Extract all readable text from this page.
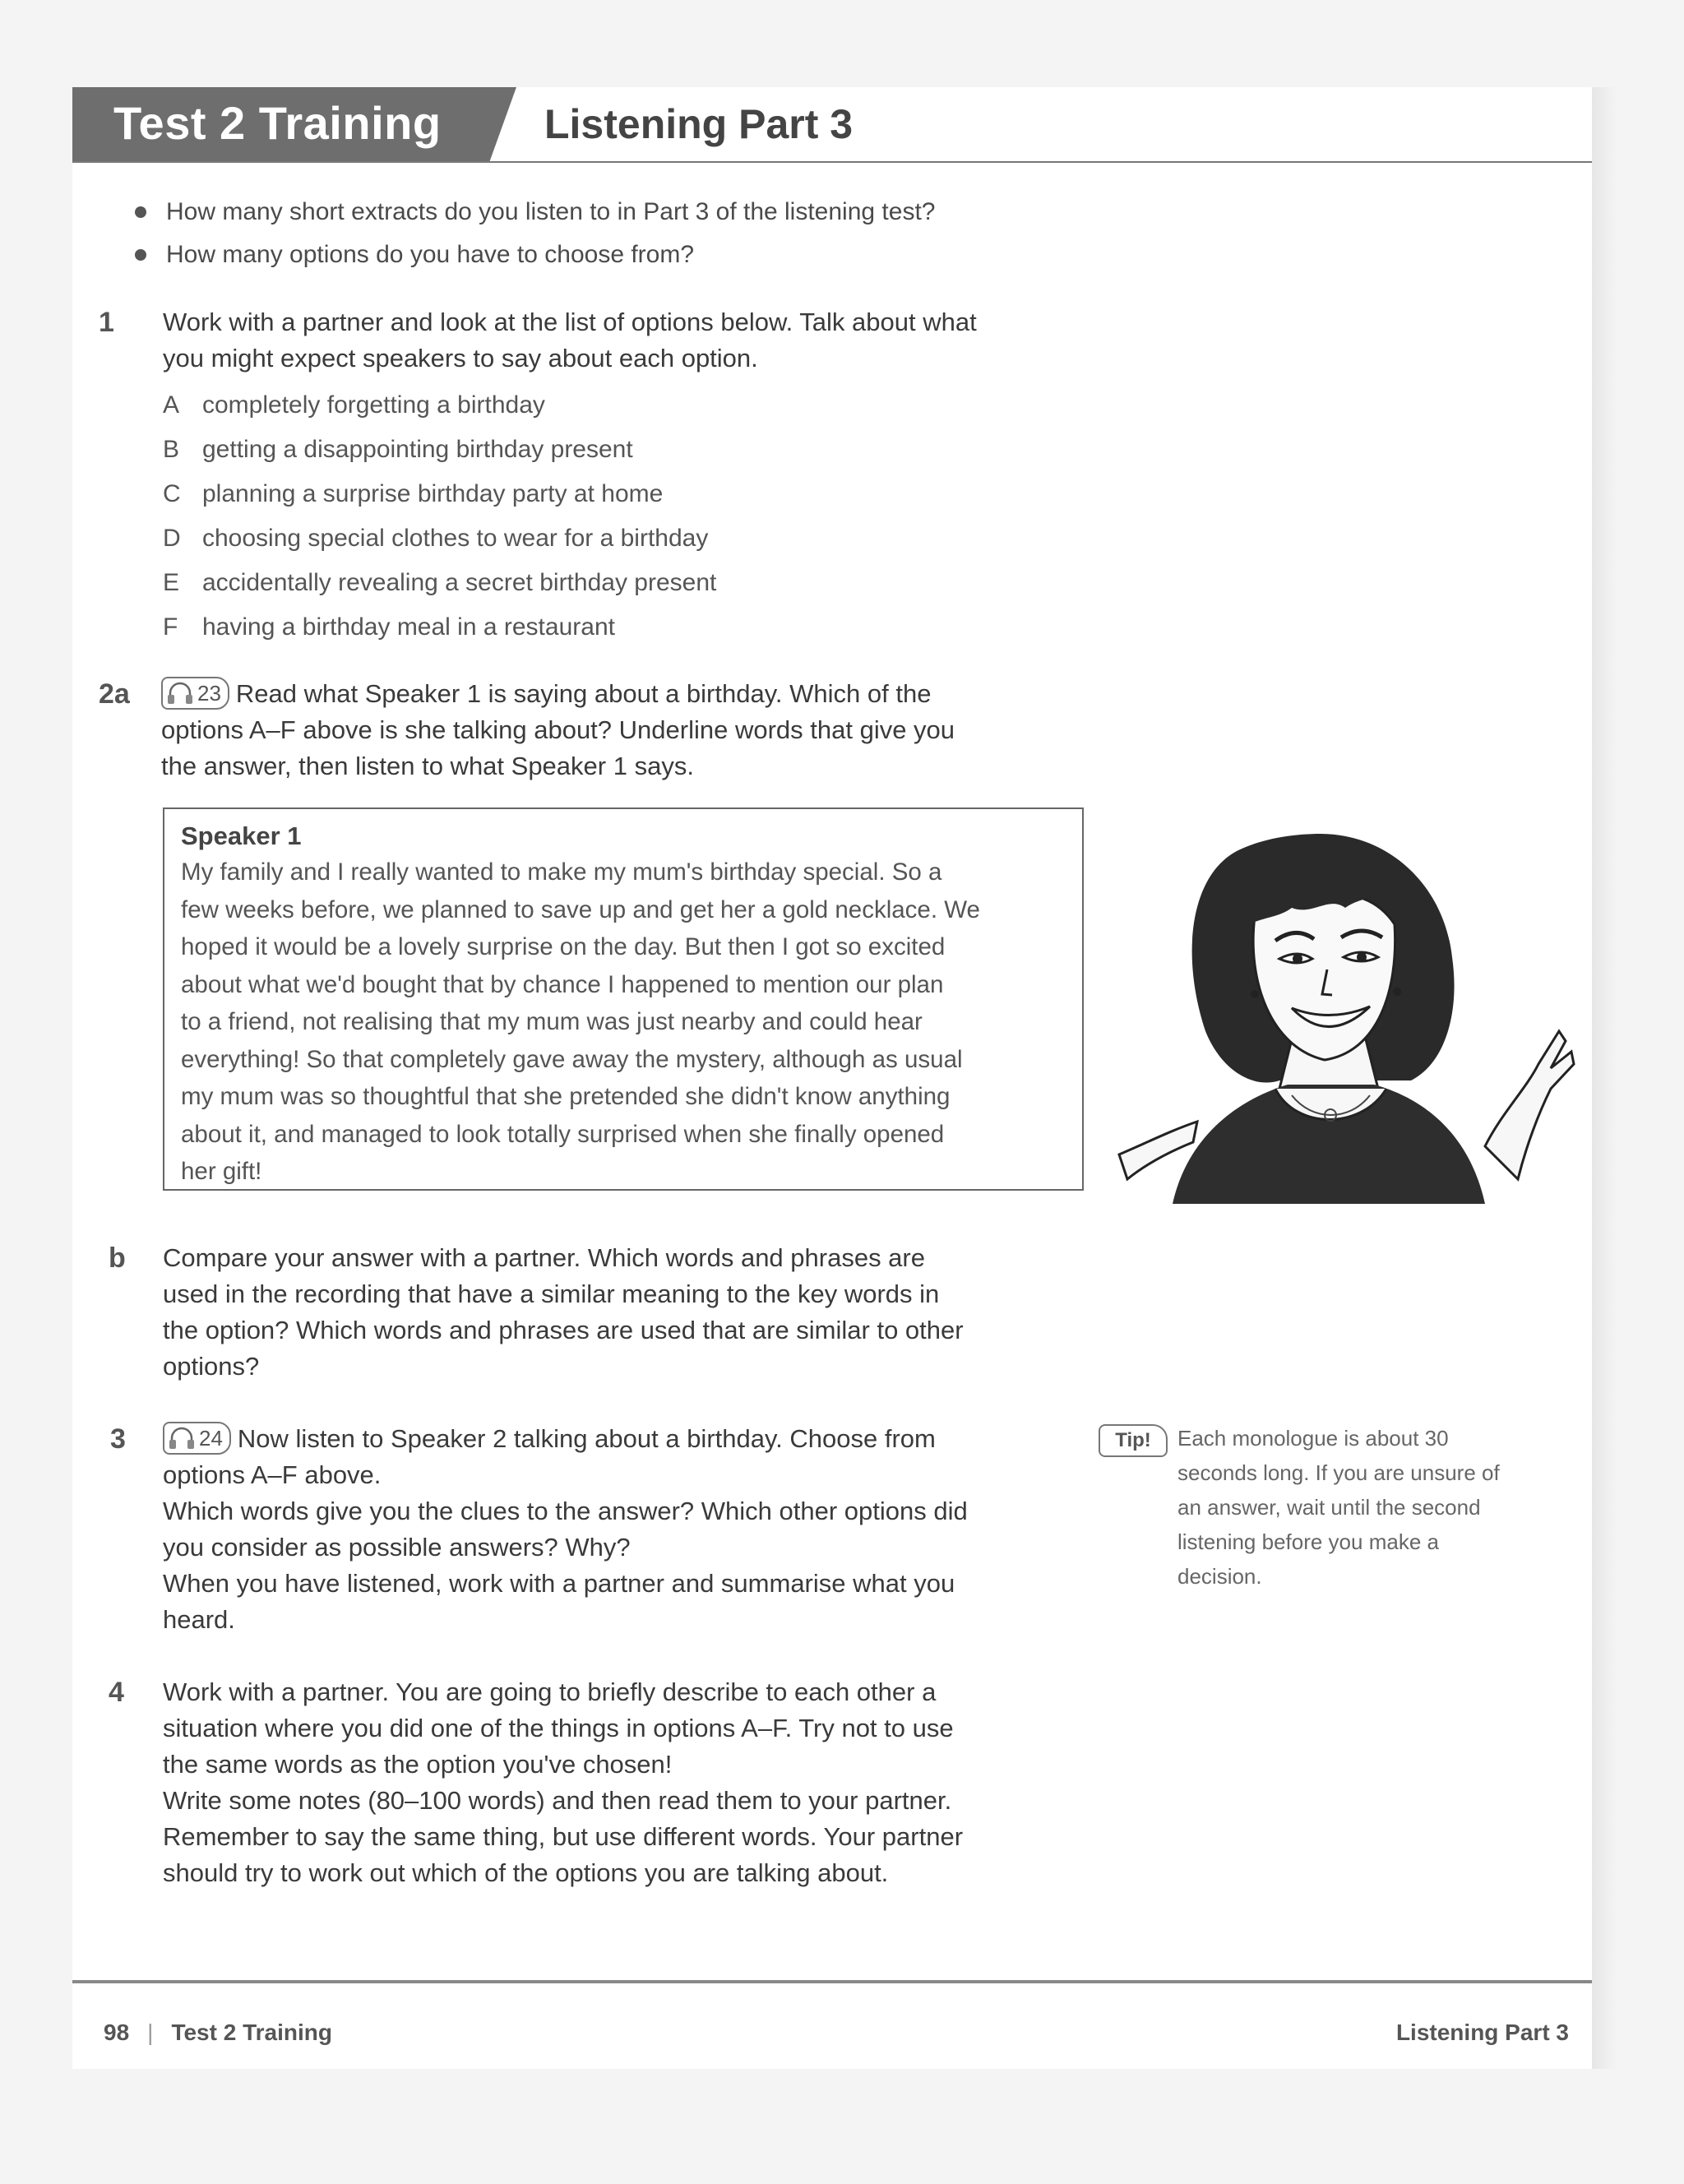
Test 2 Training	Listening Part 3
How many short extracts do you listen to in Part 3 of the listening test?
How many options do you have to choose from?
1 Work with a partner and look at the list of options below. Talk about what

you might expect speakers to say about each option.

A completely forgetting a birthday
B getting a disappointing birthday present
C planning a surprise birthday party at home
D choosing special clothes to wear for a birthday
E accidentally revealing a secret birthday present
F having a birthday meal in a restaurant
2a	23 Read what Speaker 1 is saying about a birthday. Which of the

options A–F above is she talking about? Underline words that give you

the answer, then listen to what Speaker 1 says.

Speaker 1

My family and I really wanted to make my mum's birthday special. So a

few weeks before, we planned to save up and get her a gold necklace. We

hoped it would be a lovely surprise on the day. But then I got so excited

about what we'd bought that by chance I happened to mention our plan

to a friend, not realising that my mum was just nearby and could hear

everything! So that completely gave away the mystery, although as usual

my mum was so thoughtful that she pretended she didn't know anything

about it, and managed to look totally surprised when she finally opened

her gift!

b Compare your answer with a partner. Which words and phrases are

used in the recording that have a similar meaning to the key words in

the option? Which words and phrases are used that are similar to other

options?

3	24 Now listen to Speaker 2 talking about a birthday. Choose from

options A–F above.

Which words give you the clues to the answer? Which other options did

you consider as possible answers? Why?

When you have listened, work with a partner and summarise what you

heard.

Tip!	Each monologue is about 30

seconds long. If you are unsure of

an answer, wait until the second

listening before you make a

decision.

4 Work with a partner. You are going to briefly describe to each other a

situation where you did one of the things in options A–F. Try not to use

the same words as the option you've chosen!

Write some notes (80–100 words) and then read them to your partner.

Remember to say the same thing, but use different words. Your partner

should try to work out which of the options you are talking about.

98 | Test 2 Training	Listening Part 3
